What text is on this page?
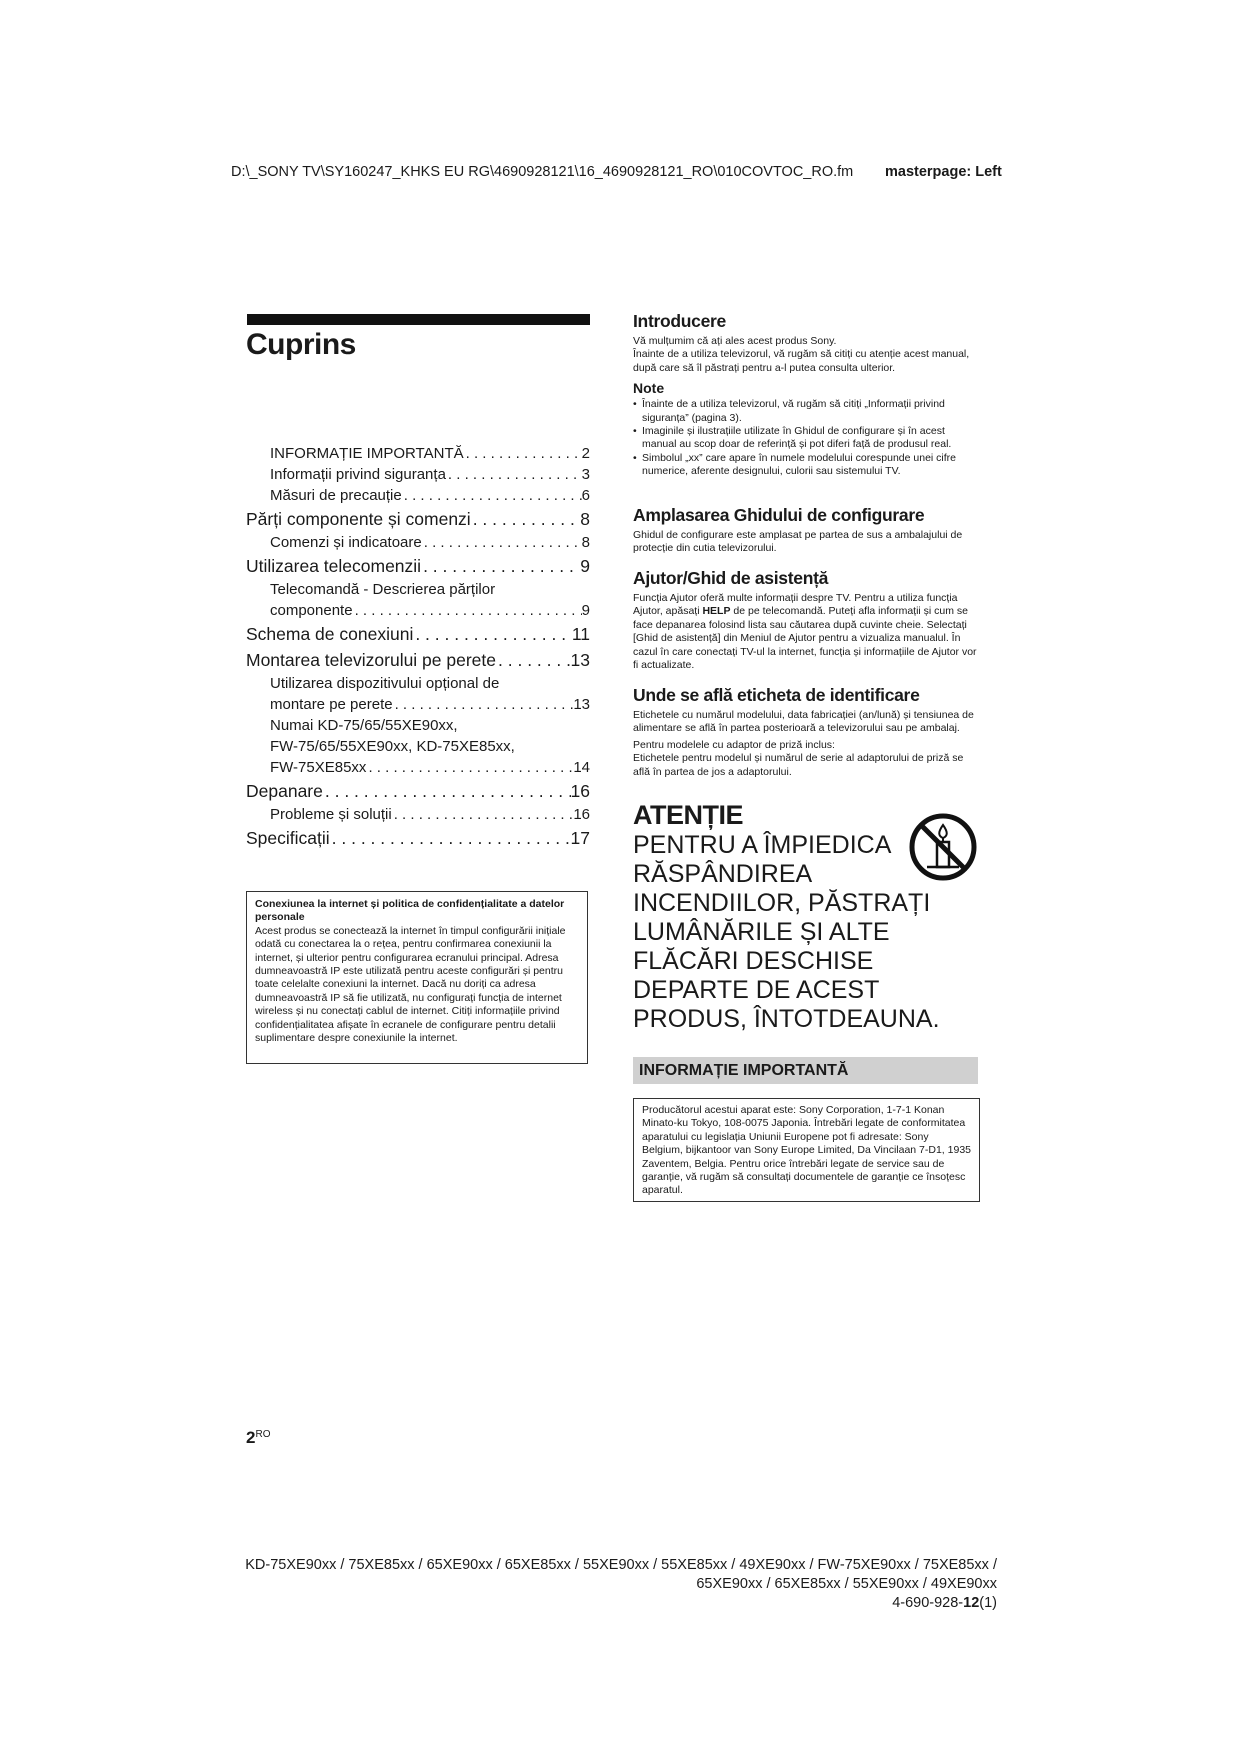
D:\_SONY TV\SY160247_KHKS EU RG\4690928121\16_4690928121_RO\010COVTOC_RO.fm masterpage: Left
Cuprins
INFORMAȚIE IMPORTANTĂ . . .	2
Informații privind siguranța . . .	3
Măsuri de precauție . . .	6
Părți componente și comenzi . . .	8
Comenzi și indicatoare . . .	8
Utilizarea telecomenzii . . .	9
Telecomandă - Descrierea părților
componente . . .	9
Schema de conexiuni . . .	11
Montarea televizorului pe perete . . .	13
Utilizarea dispozitivului opțional de
montare pe perete . . .	13
Numai KD-75/65/55XE90xx,
FW-75/65/55XE90xx, KD-75XE85xx,
FW-75XE85xx . . .	14
Depanare . . .	16
Probleme și soluții . . .	16
Specificații . . .	17
Conexiunea la internet și politica de confidențialitate a datelor personale
Acest produs se conectează la internet în timpul configurării inițiale odată cu conectarea la o rețea, pentru confirmarea conexiunii la internet, și ulterior pentru configurarea ecranului principal. Adresa dumneavoastră IP este utilizată pentru aceste configurări și pentru toate celelalte conexiuni la internet. Dacă nu doriți ca adresa dumneavoastră IP să fie utilizată, nu configurați funcția de internet wireless și nu conectați cablul de internet. Citiți informațiile privind confidențialitatea afișate în ecranele de configurare pentru detalii suplimentare despre conexiunile la internet.
Introducere
Vă mulțumim că ați ales acest produs Sony.
Înainte de a utiliza televizorul, vă rugăm să citiți cu atenție acest manual, după care să îl păstrați pentru a-l putea consulta ulterior.
Note
• Înainte de a utiliza televizorul, vă rugăm să citiți „Informații privind siguranța” (pagina 3).
• Imaginile și ilustrațiile utilizate în Ghidul de configurare și în acest manual au scop doar de referință și pot diferi față de produsul real.
• Simbolul „xx” care apare în numele modelului corespunde unei cifre numerice, aferente designului, culorii sau sistemului TV.
Amplasarea Ghidului de configurare
Ghidul de configurare este amplasat pe partea de sus a ambalajului de protecție din cutia televizorului.
Ajutor/Ghid de asistență
Funcția Ajutor oferă multe informații despre TV. Pentru a utiliza funcția Ajutor, apăsați HELP de pe telecomandă. Puteți afla informații și cum se face depanarea folosind lista sau căutarea după cuvinte cheie. Selectați [Ghid de asistență] din Meniul de Ajutor pentru a vizualiza manualul. În cazul în care conectați TV-ul la internet, funcția și informațiile de Ajutor vor fi actualizate.
Unde se află eticheta de identificare
Etichetele cu numărul modelului, data fabricației (an/lună) și tensiunea de alimentare se află în partea posterioară a televizorului sau pe ambalaj.
Pentru modelele cu adaptor de priză inclus:
Etichetele pentru modelul și numărul de serie al adaptorului de priză se află în partea de jos a adaptorului.
ATENȚIE
PENTRU A ÎMPIEDICA RĂSPÂNDIREA INCENDIILOR, PĂSTRAȚI LUMÂNĂRILE ȘI ALTE FLĂCĂRI DESCHISE DEPARTE DE ACEST PRODUS, ÎNTOTDEAUNA.
INFORMAȚIE IMPORTANTĂ
Producătorul acestui aparat este: Sony Corporation, 1-7-1 Konan Minato-ku Tokyo, 108-0075 Japonia. Întrebări legate de conformitatea aparatului cu legislația Uniunii Europene pot fi adresate: Sony Belgium, bijkantoor van Sony Europe Limited, Da Vincilaan 7-D1, 1935 Zaventem, Belgia. Pentru orice întrebări legate de service sau de garanție, vă rugăm să consultați documentele de garanție ce însoțesc aparatul.
$2^{RO}$
KD-75XE90xx / 75XE85xx / 65XE90xx / 65XE85xx / 55XE90xx / 55XE85xx / 49XE90xx / FW-75XE90xx / 75XE85xx /
65XE90xx / 65XE85xx / 55XE90xx / 49XE90xx
4-690-928-12(1)
